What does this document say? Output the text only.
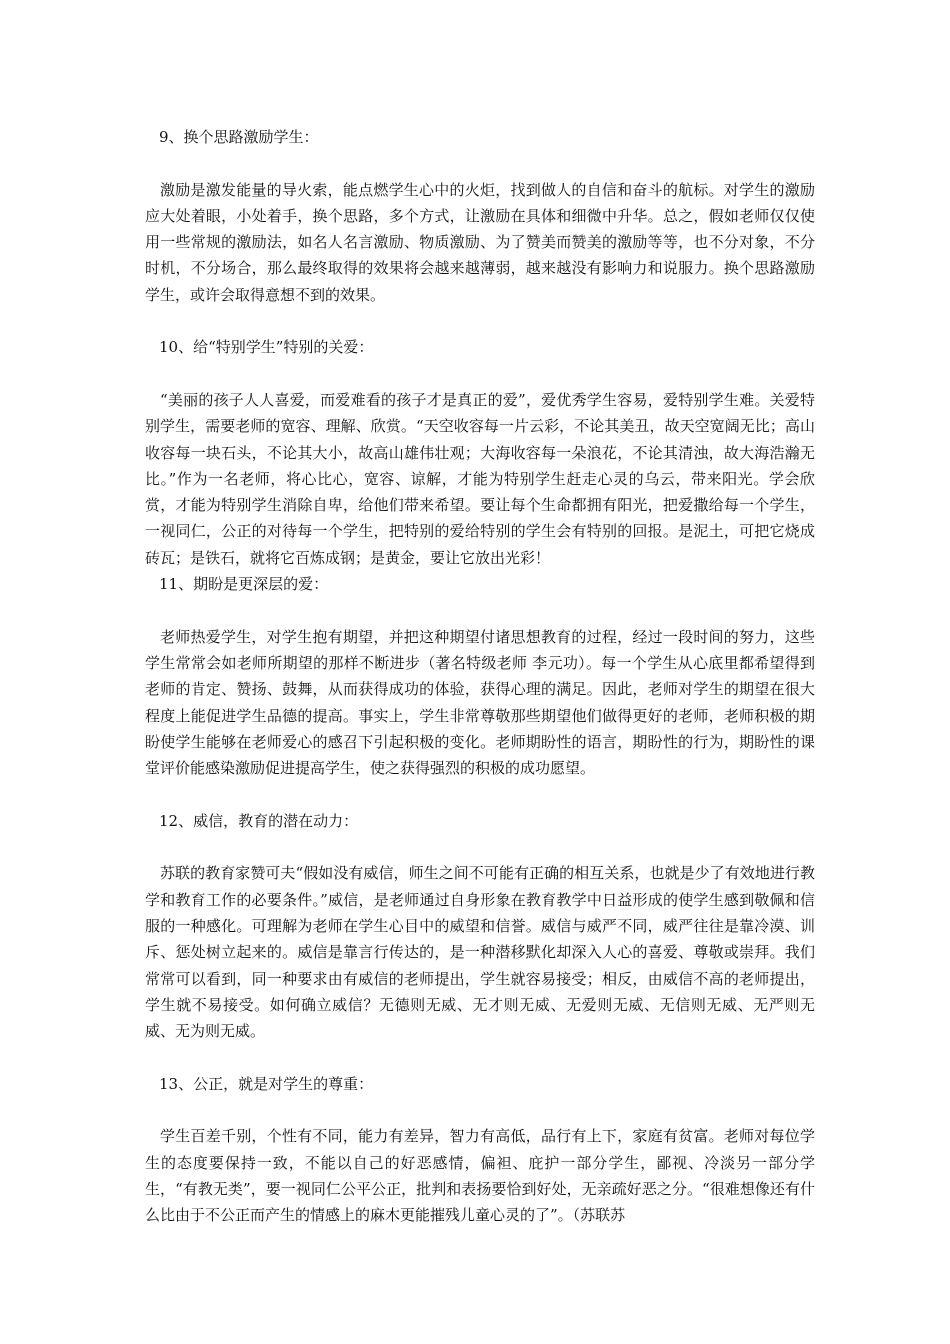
9、换个思路激励学生：

激励是激发能量的导火索，能点燃学生心中的火炬，找到做人的自信和奋斗的航标。对学生的激励应大处着眼，小处着手，换个思路，多个方式，让激励在具体和细微中升华。总之，假如老师仅仅使用一些常规的激励法，如名人名言激励、物质激励、为了赞美而赞美的激励等等，也不分对象，不分时机，不分场合，那么最终取得的效果将会越来越薄弱，越来越没有影响力和说服力。换个思路激励学生，或许会取得意想不到的效果。

10、给“特别学生”特别的关爱：

“美丽的孩子人人喜爱，而爱难看的孩子才是真正的爱”，爱优秀学生容易，爱特别学生难。关爱特别学生，需要老师的宽容、理解、欣赏。“天空收容每一片云彩，不论其美丑，故天空宽阔无比；高山收容每一块石头，不论其大小，故高山雄伟壮观；大海收容每一朵浪花，不论其清浊，故大海浩瀚无比。”作为一名老师，将心比心，宽容、谅解，才能为特别学生赶走心灵的乌云，带来阳光。学会欣赏，才能为特别学生消除自卑，给他们带来希望。要让每个生命都拥有阳光，把爱撒给每一个学生，一视同仁，公正的对待每一个学生，把特别的爱给特别的学生会有特别的回报。是泥土，可把它烧成砖瓦；是铁石，就将它百炼成钢；是黄金，要让它放出光彩！

11、期盼是更深层的爱：

老师热爱学生，对学生抱有期望，并把这种期望付诸思想教育的过程，经过一段时间的努力，这些学生常常会如老师所期望的那样不断进步（著名特级老师 李元功）。每一个学生从心底里都希望得到老师的肯定、赞扬、鼓舞，从而获得成功的体验，获得心理的满足。因此，老师对学生的期望在很大程度上能促进学生品德的提高。事实上，学生非常尊敬那些期望他们做得更好的老师，老师积极的期盼使学生能够在老师爱心的感召下引起积极的变化。老师期盼性的语言，期盼性的行为，期盼性的课堂评价能感染激励促进提高学生，使之获得强烈的积极的成功愿望。

12、威信，教育的潜在动力：

苏联的教育家赞可夫“假如没有威信，师生之间不可能有正确的相互关系，也就是少了有效地进行教学和教育工作的必要条件。”威信，是老师通过自身形象在教育教学中日益形成的使学生感到敬佩和信服的一种感化。可理解为老师在学生心目中的威望和信誉。威信与威严不同，威严往往是靠冷漠、训斥、惩处树立起来的。威信是靠言行传达的，是一种潜移默化却深入人心的喜爱、尊敬或崇拜。我们常常可以看到，同一种要求由有威信的老师提出，学生就容易接受；相反，由威信不高的老师提出，学生就不易接受。如何确立威信？无德则无威、无才则无威、无爱则无威、无信则无威、无严则无威、无为则无威。

13、公正，就是对学生的尊重：

学生百差千别，个性有不同，能力有差异，智力有高低，品行有上下，家庭有贫富。老师对每位学生的态度要保持一致，不能以自己的好恶感情，偏袒、庇护一部分学生，鄙视、冷淡另一部分学生，“有教无类”，要一视同仁公平公正，批判和表扬要恰到好处，无亲疏好恶之分。“很难想像还有什么比由于不公正而产生的情感上的麻木更能摧残儿童心灵的了”。（苏联苏
